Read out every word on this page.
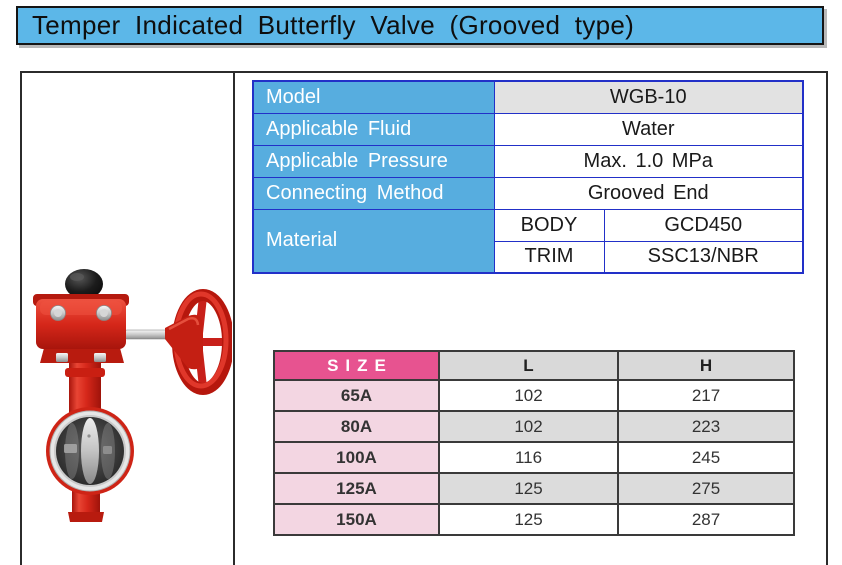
Temper Indicated Butterfly Valve (Grooved type)
Model	WGB-10	
Applicable Fluid	Water	
Applicable Pressure	Max. 1.0 MPa	
Connecting Method	Grooved End	
Material	BODY	GCD450
	TRIM	SSC13/NBR
SIZE	L	H
65A	102	217
80A	102	223
100A	116	245
125A	125	275
150A	125	287
